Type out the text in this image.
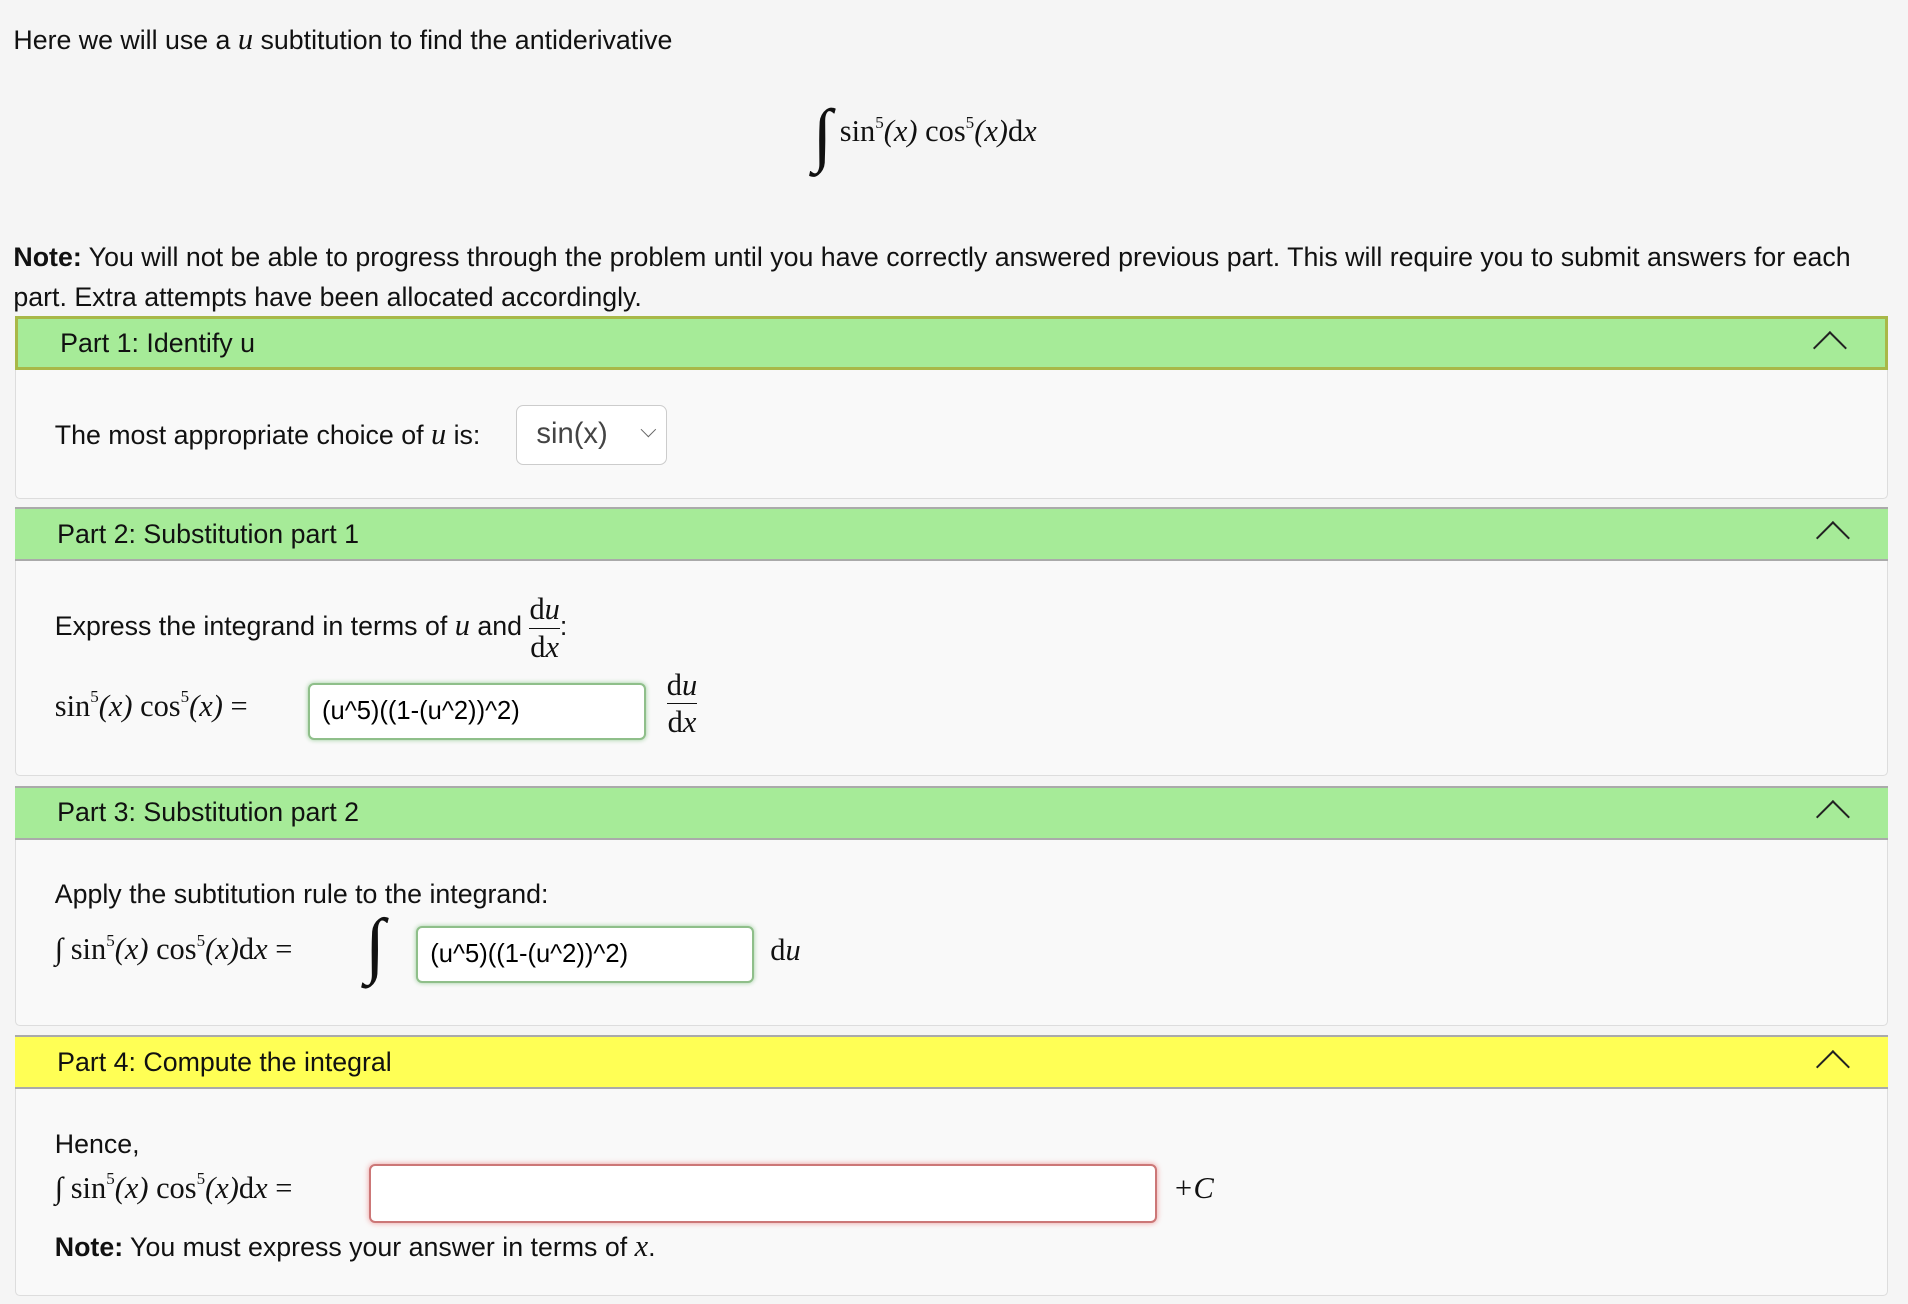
Here we will use a u subtitution to find the antiderivative
∫ $\sin^5(x)$ $\cos^5(x)dx$
Note: You will not be able to progress through the problem until you have correctly answered previous part. This will require you to submit answers for each part. Extra attempts have been allocated accordingly.
Part 1: Identify u
The most appropriate choice of u is: sin(x)
Part 2: Substitution part 1
Express the integrand in terms of u and $\frac{du}{dx}$ :
$\sin^5(x) \cos^5(x)$ =
(u^5)((1-(u^2))^2)
du
dx
Part 3: Substitution part 2
Apply the subtitution rule to the integrand:
∫ $\sin^5(x) \cos^5(x)dx$ = ∫
(u^5)((1-(u^2))^2)	du
Part 4: Compute the integral
Hence,
∫ $\sin^5(x) \cos^5(x)dx$ =	+C
Note: You must express your answer in terms of x.
